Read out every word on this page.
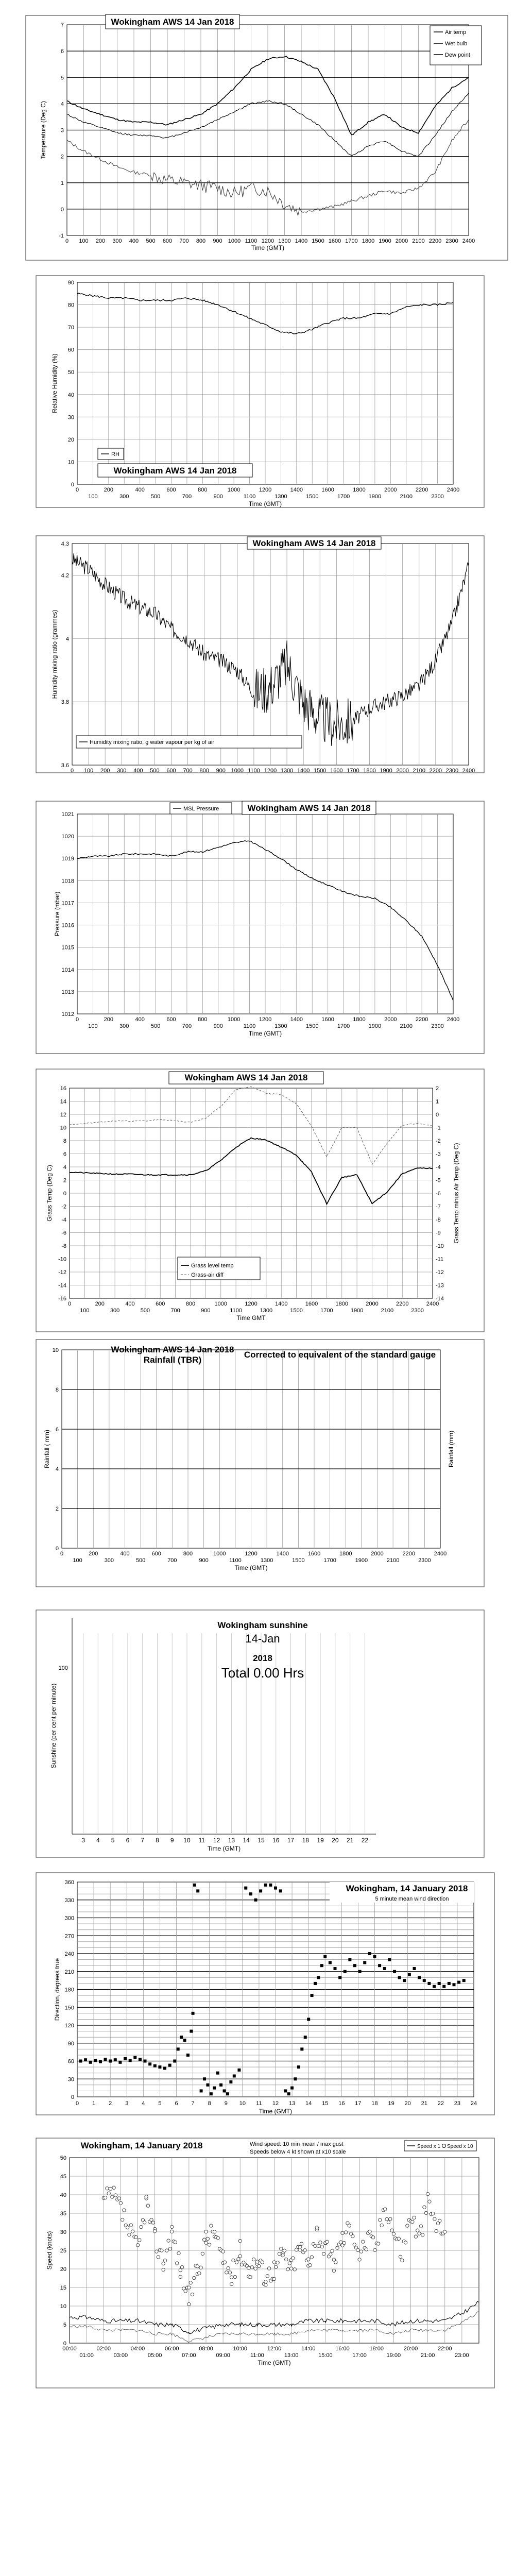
-1
0
1
2
3
4
5
6
7
0 100 200 300 400 500 600 700 800 900 1000 1100 1200 1300 1400 1500 1600 1700 1800 1900 2000 2100 2200 2300 2400
Time (GMT)
Temperature (Deg C)
Wokingham AWS 14 Jan 2018
Air temp
Wet bulb
Dew point
0
10
20
30
40
50
60
70
80
90
0	200	400	600	800	1000	1200	1400	1600	1800	2000	2200	2400
100	300	500	700	900	1100	1300	1500	1700	1900	2100	2300
Time (GMT)
Relative Humidity (%)
RH
Wokingham AWS 14 Jan 2018
3.6
3.8
4
4.2
4.3
0 100 200 300 400 500 600 700 800 900 1000 1100 1200 1300 1400 1500 1600 1700 1800 1900 2000 2100 2200 2300 2400
Humidity mixing ratio (grammes)
Wokingham AWS 14 Jan 2018
Humidity mixing ratio, g water vapour per kg of air
1012
1013
1014
1015
1016
1017
1018
1019
1020
1021
0	200	400	600	800	1000	1200	1400	1600	1800	2000	2200	2400
100	300	500	700	900	1100	1300	1500	1700	1900	2100	2300
Time (GMT)
Pressure (mbar)
MSL Pressure	Wokingham AWS 14 Jan 2018
-16
-14
-12
-10
-8
-6
-4
-2
0
2
4
6
8
10
12
14
16
-14
-13
-12
-11
-10
-9
-8
-7
-6
-5
-4
-3
-2
-1
0
1
2
0	200	400	600	800	1000	1200	1400	1600	1800	2000	2200	2400
100	300	500	700	900	1100	1300	1500	1700	1900	2100	2300
Time GMT
Grass Temp (Deg C)	Grass Temp minus Air Temp (Deg C)
Wokingham AWS 14 Jan 2018
Grass level temp
Grass-air diff
0
2
4
6
8
10
0	200	400	600	800	1000	1200	1400	1600	1800	2000	2200	2400
100	300	500	700	900	1100	1300	1500	1700	1900	2100	2300
Time (GMT)
Rainfall ( mm)	Rainfall (mm)
Wokingham AWS 14 Jan 2018
Rainfall (TBR)
Corrected to equivalent of the standard gauge
3 4 5 6 7 8 9 10 11 12 13 14 15 16 17 18 19 20 21 22
100
Time (GMT)
Sunshine (per cent per minute)
Wokingham sunshine
14-Jan
2018
Total 0.00 Hrs
0
30
60
90
120
150
180
210
240
270
300
330
360
0 1 2 3 4 5 6 7 8 9 10 11 12 13 14 15 16 17 18 19 20 21 22 23 24
Time (GMT)
Direction, degrees true
Wokingham, 14 January 2018
5 minute mean wind direction
0
5
10
15
20
25
30
35
40
45
50
00:00	02:00	04:00	06:00	08:00	10:00	12:00	14:00	16:00	18:00	20:00	22:00
01:00	03:00	05:00	07:00	09:00	11:00	13:00	15:00	17:00	19:00	21:00	23:00
Time (GMT)
Speed (knots)
Wokingham, 14 January 2018	Wind speed: 10 min mean / max gust
Speeds below 4 kt shown at x10 scale
Speed x 1 Speed x 10
